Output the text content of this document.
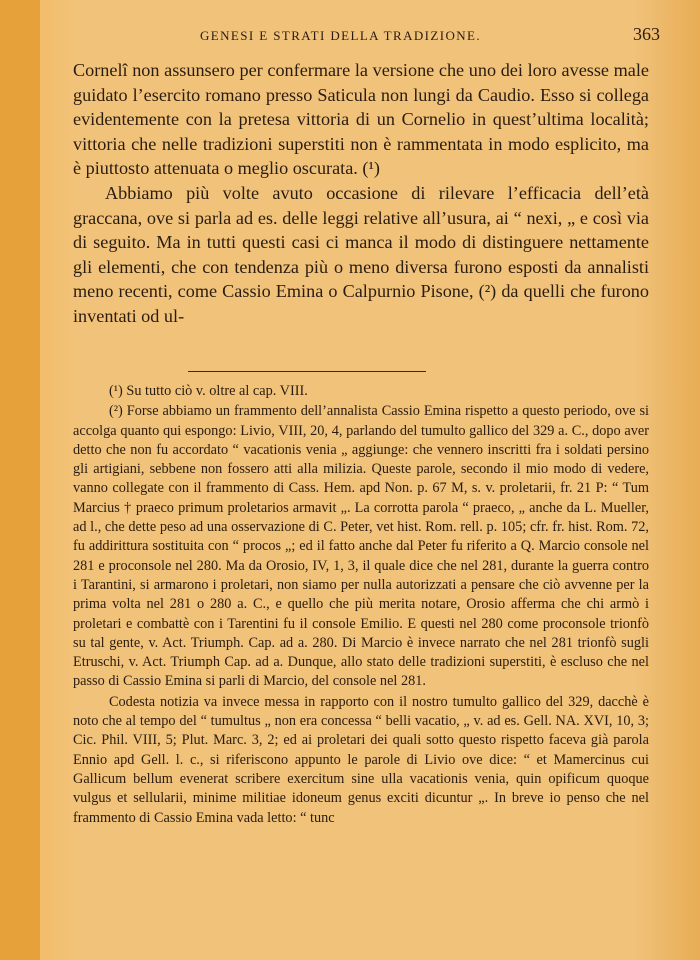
GENESI E STRATI DELLA TRADIZIONE.	363

Cornelî non assunsero per confermare la versione che uno dei loro avesse male guidato l’esercito romano presso Saticula non lungi da Caudio. Esso si collega evidentemente con la pretesa vittoria di un Cornelio in quest’ultima località; vittoria che nelle tradizioni superstiti non è rammentata in modo esplicito, ma è piuttosto attenuata o meglio oscurata. (¹)

Abbiamo più volte avuto occasione di rilevare l’efficacia dell’età graccana, ove si parla ad es. delle leggi relative all’usura, ai “ nexi, „ e così via di seguito. Ma in tutti questi casi ci manca il modo di distinguere nettamente gli elementi, che con tendenza più o meno diversa furono esposti da annalisti meno recenti, come Cassio Emina o Calpurnio Pisone, (²) da quelli che furono inventati od ul-

(¹) Su tutto ciò v. oltre al cap. VIII.

(²) Forse abbiamo un frammento dell’annalista Cassio Emina rispetto a questo periodo, ove si accolga quanto qui espongo: Livio, VIII, 20, 4, parlando del tumulto gallico del 329 a. C., dopo aver detto che non fu accordato “ vacationis venia „ aggiunge: che vennero inscritti fra i soldati persino gli artigiani, sebbene non fossero atti alla milizia. Queste parole, secondo il mio modo di vedere, vanno collegate con il frammento di Cass. Hem. apd Non. p. 67 M, s. v. proletarii, fr. 21 P: “ Tum Marcius † praeco primum proletarios armavit „. La corrotta parola “ praeco, „ anche da L. Mueller, ad l., che dette peso ad una osservazione di C. Peter, vet hist. Rom. rell. p. 105; cfr. fr. hist. Rom. 72, fu addirittura sostituita con “ procos „; ed il fatto anche dal Peter fu riferito a Q. Marcio console nel 281 e proconsole nel 280. Ma da Orosio, IV, 1, 3, il quale dice che nel 281, durante la guerra contro i Tarantini, si armarono i proletari, non siamo per nulla autorizzati a pensare che ciò avvenne per la prima volta nel 281 o 280 a. C., e quello che più merita notare, Orosio afferma che chi armò i proletari e combattè con i Tarentini fu il console Emilio. E questi nel 280 come proconsole trionfò su tal gente, v. Act. Triumph. Cap. ad a. 280. Di Marcio è invece narrato che nel 281 trionfò sugli Etruschi, v. Act. Triumph Cap. ad a. Dunque, allo stato delle tradizioni superstiti, è escluso che nel passo di Cassio Emina si parli di Marcio, del console nel 281.

Codesta notizia va invece messa in rapporto con il nostro tumulto gallico del 329, dacchè è noto che al tempo del “ tumultus „ non era concessa “ belli vacatio, „ v. ad es. Gell. NA. XVI, 10, 3; Cic. Phil. VIII, 5; Plut. Marc. 3, 2; ed ai proletari dei quali sotto questo rispetto faceva già parola Ennio apd Gell. l. c., si riferiscono appunto le parole di Livio ove dice: “ et Mamercinus cui Gallicum bellum evenerat scribere exercitum sine ulla vacationis venia, quin opificum quoque vulgus et sellularii, minime militiae idoneum genus exciti dicuntur „. In breve io penso che nel frammento di Cassio Emina vada letto: “ tunc
